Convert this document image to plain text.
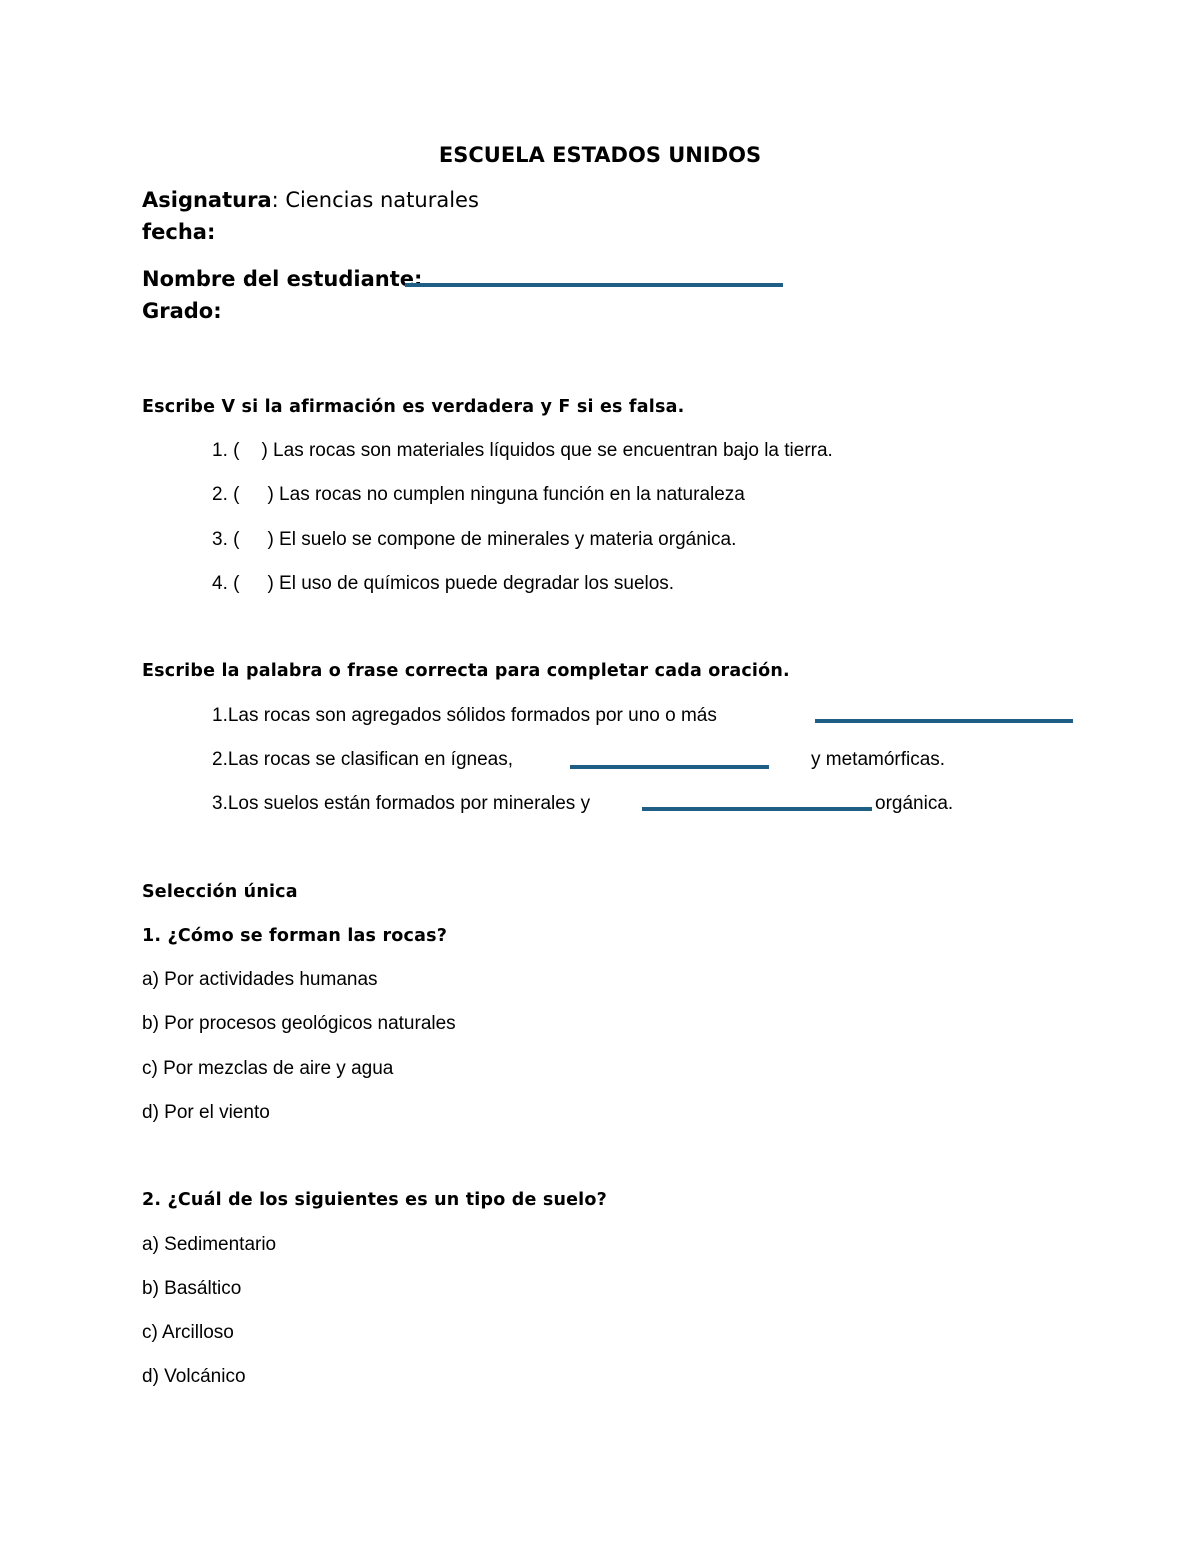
ESCUELA ESTADOS UNIDOS
Asignatura: Ciencias naturales
fecha:
Nombre del estudiante:
Grado:
Escribe V si la afirmación es verdadera y F si es falsa.
1. ( ) Las rocas son materiales líquidos que se encuentran bajo la tierra.
2. ( ) Las rocas no cumplen ninguna función en la naturaleza
3. ( ) El suelo se compone de minerales y materia orgánica.
4. ( ) El uso de químicos puede degradar los suelos.
Escribe la palabra o frase correcta para completar cada oración.
1.Las rocas son agregados sólidos formados por uno o más
2.Las rocas se clasifican en ígneas,	y metamórficas.
3.Los suelos están formados por minerales y	orgánica.
Selección única
1. ¿Cómo se forman las rocas?
a) Por actividades humanas
b) Por procesos geológicos naturales
c) Por mezclas de aire y agua
d) Por el viento
2. ¿Cuál de los siguientes es un tipo de suelo?
a) Sedimentario
b) Basáltico
c) Arcilloso
d) Volcánico
